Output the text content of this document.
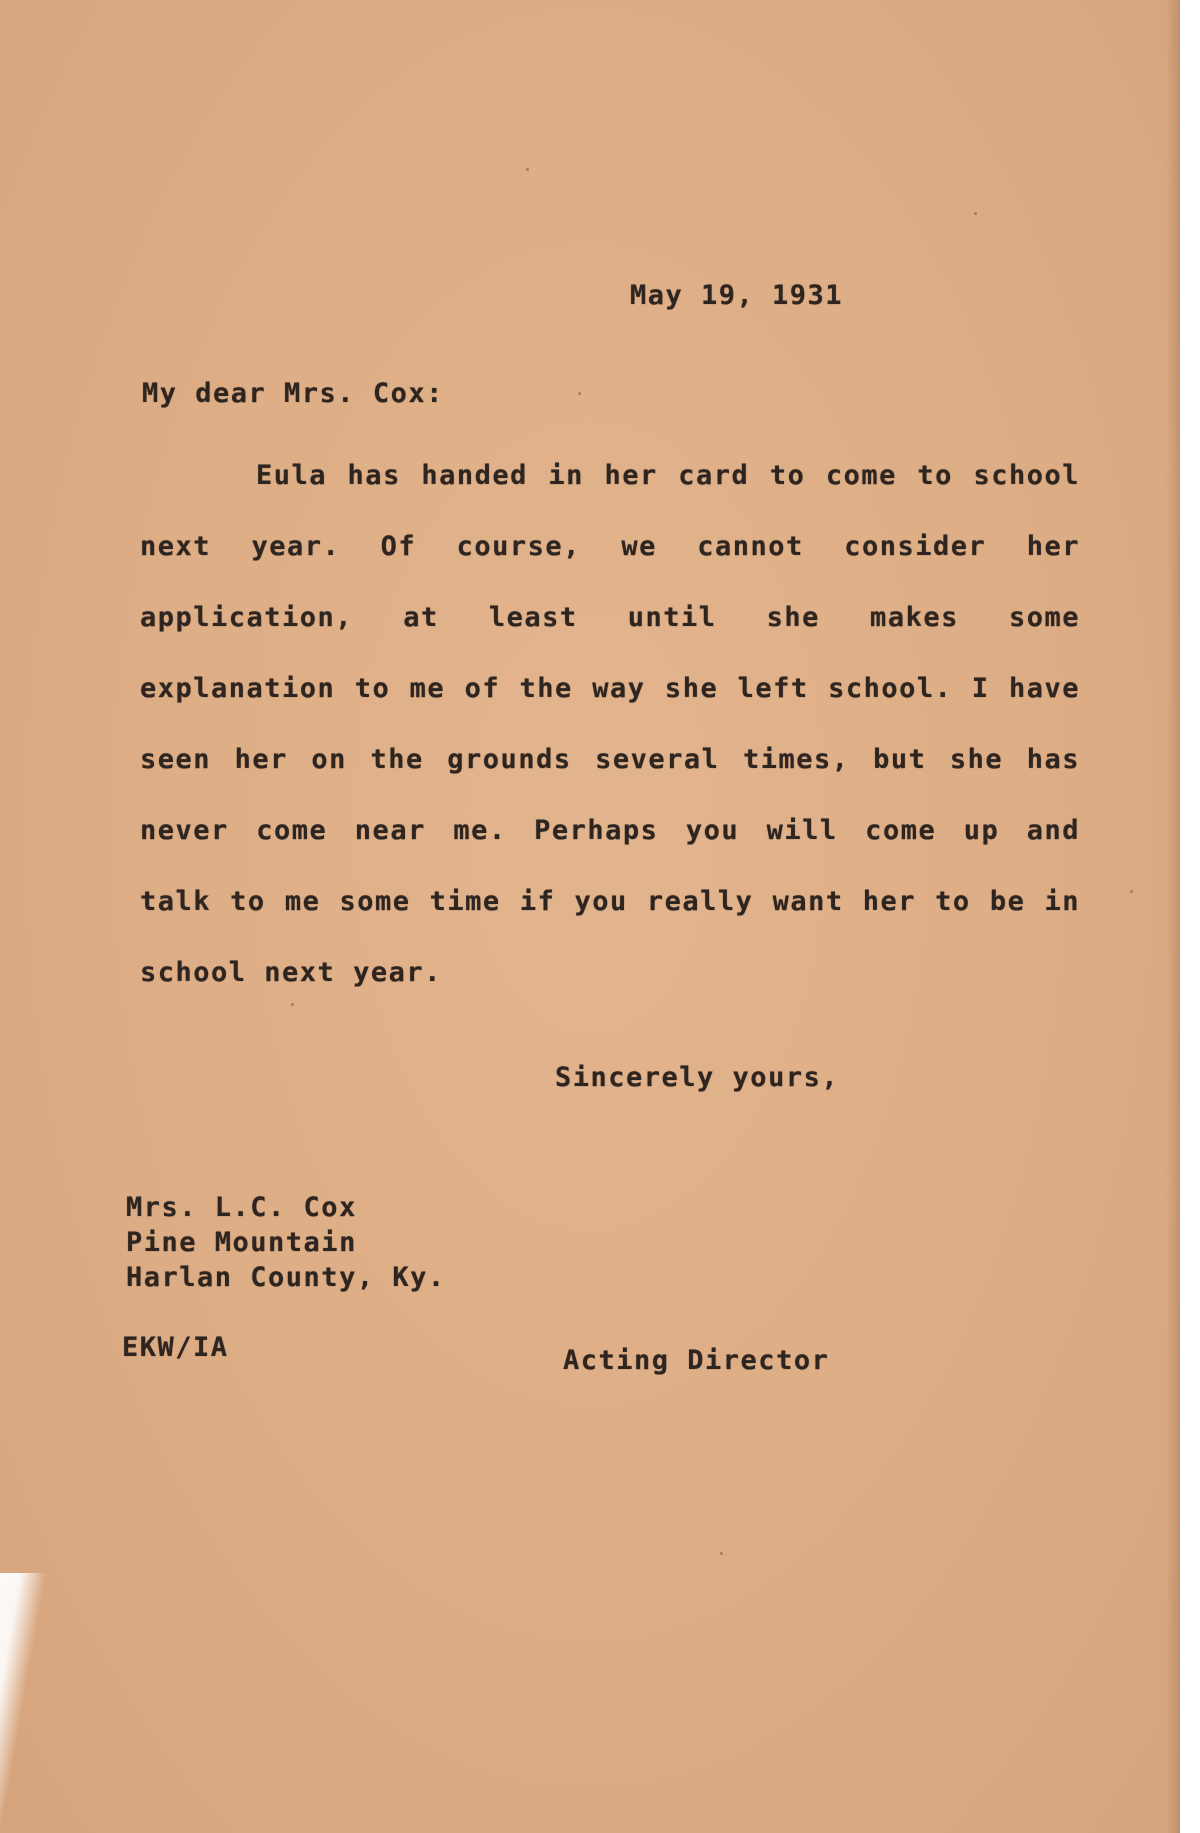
May 19, 1931
My dear Mrs. Cox:
Eula has handed in her card to come to school next year. Of course, we cannot consider her application, at least until she makes some explanation to me of the way she left school. I have seen her on the grounds several times, but she has never come near me. Perhaps you will come up and talk to me some time if you really want her to be in school next year.
Sincerely yours,
Mrs. L.C. Cox
Pine Mountain
Harlan County, Ky.
EKW/IA	Acting Director
